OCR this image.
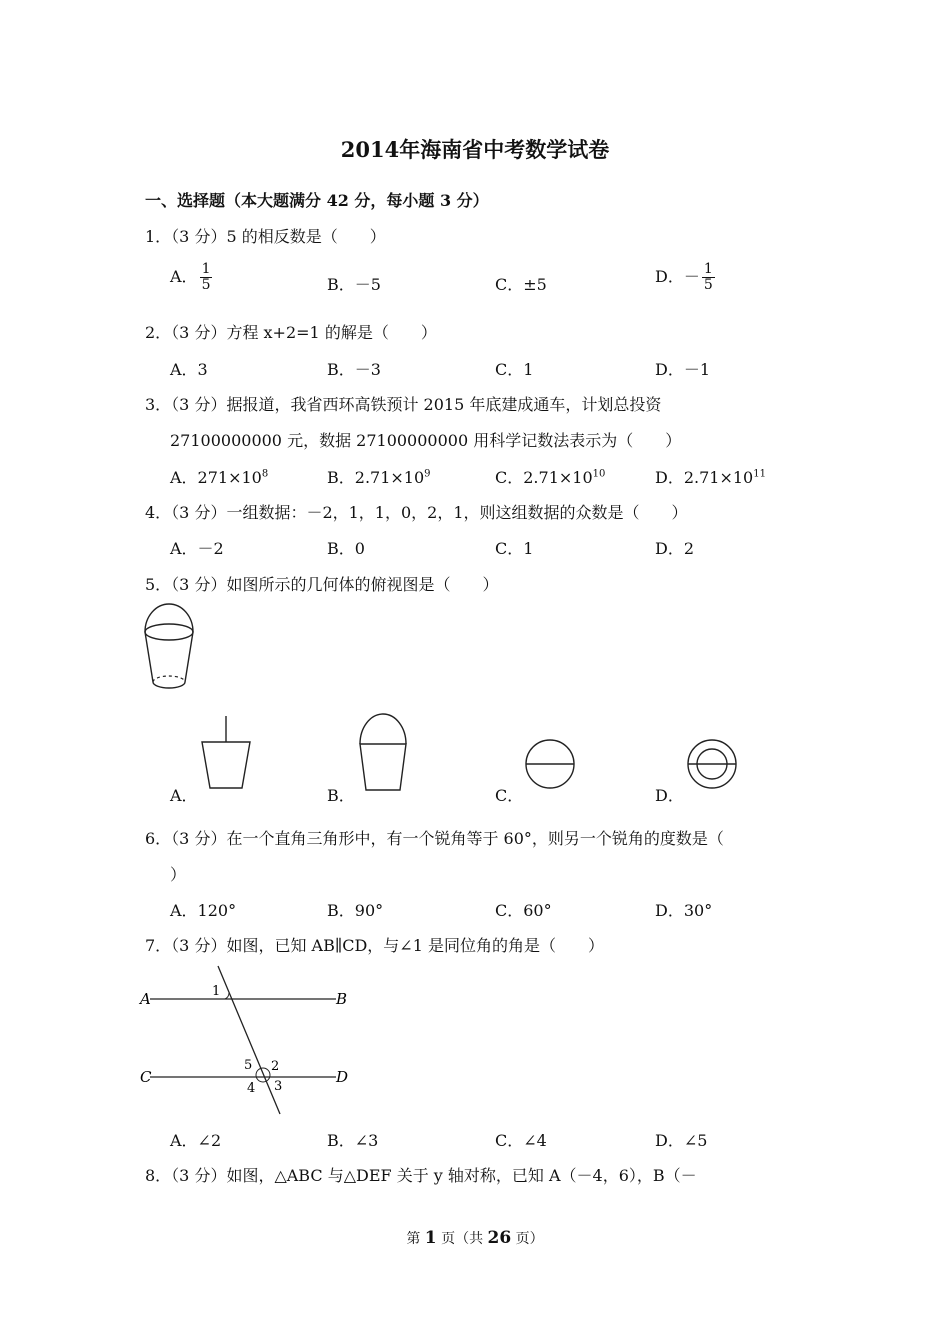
2014年海南省中考数学试卷
一、选择题（本大题满分 42 分，每小题 3 分）
1．（3 分）5 的相反数是（　　）
A． $\frac{1}{5}$	B．－5	C．±5	D．－ $\frac{1}{5}$
2．（3 分）方程 x+2=1 的解是（　　）
A．3	B．－3	C．1	D．－1
3．（3 分）据报道，我省西环高铁预计 2015 年底建成通车，计划总投资
27100000000 元，数据 27100000000 用科学记数法表示为（　　）
A．$271\times 10^8$	B．$2.71\times 10^9$	C．$2.71\times 10^{10}$	D．$2.71\times 10^{11}$
4．（3 分）一组数据：－2，1，1，0，2，1，则这组数据的众数是（　　）
A．－2	B．0	C．1	D．2
5．（3 分）如图所示的几何体的俯视图是（　　）
A．	B．	C．	D．
6．（3 分）在一个直角三角形中，有一个锐角等于 60°，则另一个锐角的度数是（
）
A．120°	B．90°	C．60°	D．30°
7．（3 分）如图，已知 AB∥CD，与∠1 是同位角的角是（　　）
A	B
C	D
1
2
3
4
5
A．∠2	B．∠3	C．∠4	D．∠5
8．（3 分）如图，△ABC 与△DEF 关于 y 轴对称，已知 A（－4，6），B（－
第 1 页（共 26 页）
